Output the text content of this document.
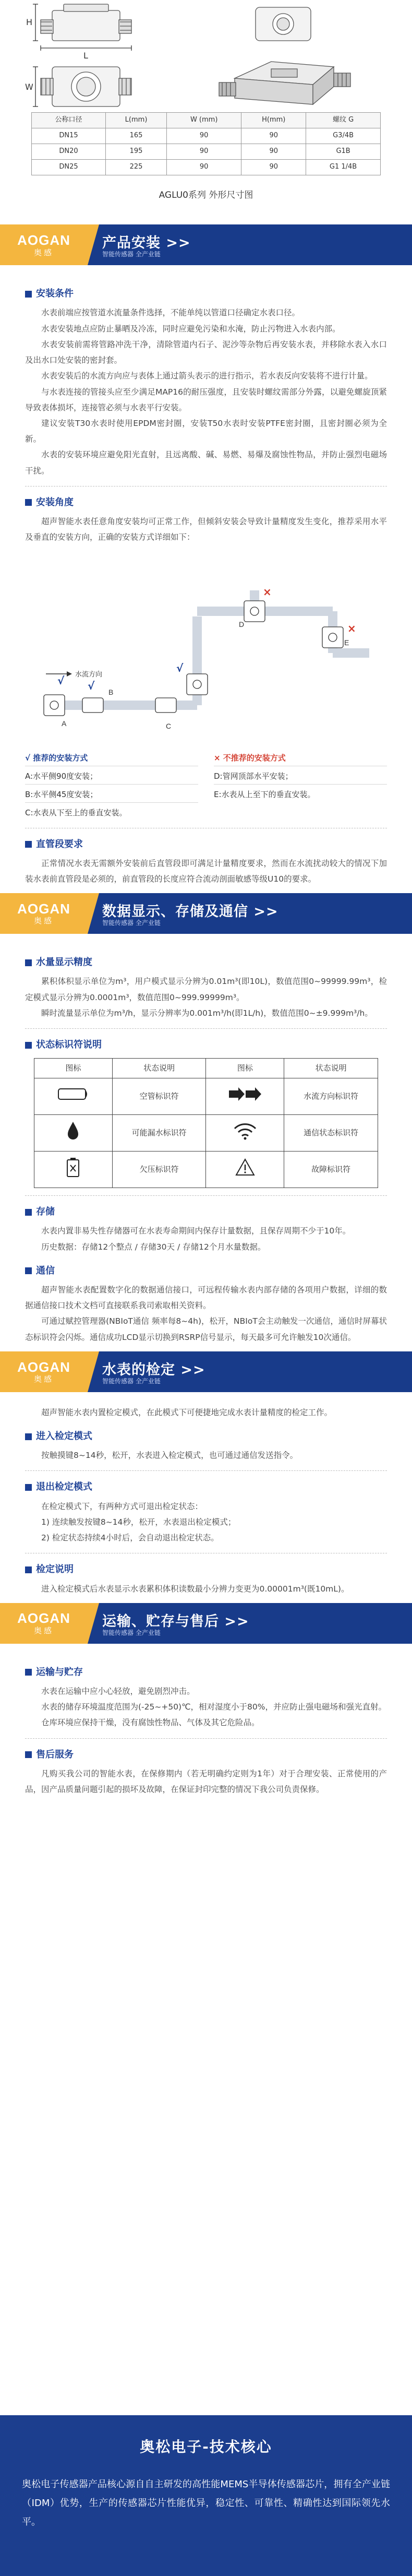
H
L
W
公称口径	L(mm)	W (mm)	H(mm)	螺纹 G
DN15	165	90	90	G3/4B
DN20	195	90	90	G1B
DN25	225	90	90	G1 1/4B
AGLU0系列 外形尺寸图
AOGAN
奥感
产品安装 >>
智能传感器 全产业链
安装条件

水表前端应按管道水流量条件选择，不能单纯以管道口径确定水表口径。

水表安装地点应防止暴晒及冷冻，同时应避免污染和水淹，防止污物进入水表内部。

水表安装前需将管路冲洗干净，清除管道内石子、泥沙等杂物后再安装水表，并移除水表入水口及出水口处安装的密封套。

水表安装后的水流方向应与表体上通过箭头表示的进行指示，若水表反向安装将不进行计量。

与水表连接的管接头应至少满足MAP16的耐压强度，且安装时螺纹需部分外露，以避免螺旋顶紧导致表体损坏，连接管必须与水表平行安装。

建议安装T30水表时使用EPDM密封圈，安装T50水表时安装PTFE密封圈，且密封圈必须为全新。

水表的安装环境应避免阳光直射，且远离酸、碱、易燃、易爆及腐蚀性物品，并防止强烈电磁场干扰。

安装角度

超声智能水表任意角度安装均可正常工作，但倾斜安装会导致计量精度发生变化，推荐采用水平及垂直的安装方向，正确的安装方式详细如下：

水流方向
A
B
C
D
E
√ √
√
×
×
√ 推荐的安装方式
A:水平侧90度安装；
B:水平侧45度安装；
C:水表从下至上的垂直安装。
× 不推荐的安装方式
D:管网顶部水平安装；
E:水表从上至下的垂直安装。
直管段要求

正常情况水表无需额外安装前后直管段即可满足计量精度要求，然而在水流扰动较大的情况下加装水表前直管段是必须的，前直管段的长度应符合流动剖面敏感等级U10的要求。

AOGAN
奥感
数据显示、存储及通信 >>
智能传感器 全产业链
水量显示精度

累积体积显示单位为m³，用户模式显示分辨为0.01m³(即10L)，数值范围0~99999.99m³，检定模式显示分辨为0.0001m³，数值范围0~999.99999m³。

瞬时流量显示单位为m³/h，显示分辨率为0.001m³/h(即1L/h)，数值范围0~±9.999m³/h。

状态标识符说明
图标	状态说明	图标	状态说明
	空管标识符		水流方向标识符
	可能漏水标识符		通信状态标识符
	欠压标识符		故障标识符
存储

水表内置非易失性存储器可在水表寿命期间内保存计量数据，且保存周期不少于10年。

历史数据：存储12个整点 / 存储30天 / 存储12个月水量数据。

通信

超声智能水表配置数字化的数据通信接口，可远程传输水表内部存储的各项用户数据，详细的数据通信接口技术文档可直接联系我司索取相关资料。

可通过赋控管理器(NBIoT通信 频率每8~4h)，松开，NBIoT会主动触发一次通信，通信时屏幕状态标识符会闪烁。通信成功LCD显示切换到RSRP信号显示，每天最多可允许触发10次通信。

AOGAN
奥感
水表的检定 >>
智能传感器 全产业链

超声智能水表内置检定模式，在此模式下可便捷地完成水表计量精度的检定工作。

进入检定模式

按触摸键8~14秒，松开，水表进入检定模式，也可通过通信发送指令。

退出检定模式

在检定模式下，有两种方式可退出检定状态：

1) 连续触发按键8~14秒，松开，水表退出检定模式；

2) 检定状态持续4小时后，会自动退出检定状态。

检定说明

进入检定模式后水表显示水表累积体积读数最小分辨力变更为0.00001m³(既10mL)。

AOGAN
奥感
运输、贮存与售后 >>
智能传感器 全产业链
运输与贮存

水表在运输中应小心轻放，避免剧烈冲击。

水表的储存环境温度范围为(-25~+50)℃，相对湿度小于80%，并应防止强电磁场和强光直射。

仓库环境应保持干燥，没有腐蚀性物品、气体及其它危险品。

售后服务

凡购买我公司的智能水表，在保修期内（若无明确约定则为1年）对于合理安装、正常使用的产品，因产品质量问题引起的损坏及故障，在保证封印完整的情况下我公司负责保修。

奥松电子-技术核心

奥松电子传感器产品核心源自自主研发的高性能MEMS半导体传感器芯片，拥有全产业链（IDM）优势，生产的传感器芯片性能优异，稳定性、可靠性、精确性达到国际领先水平。
